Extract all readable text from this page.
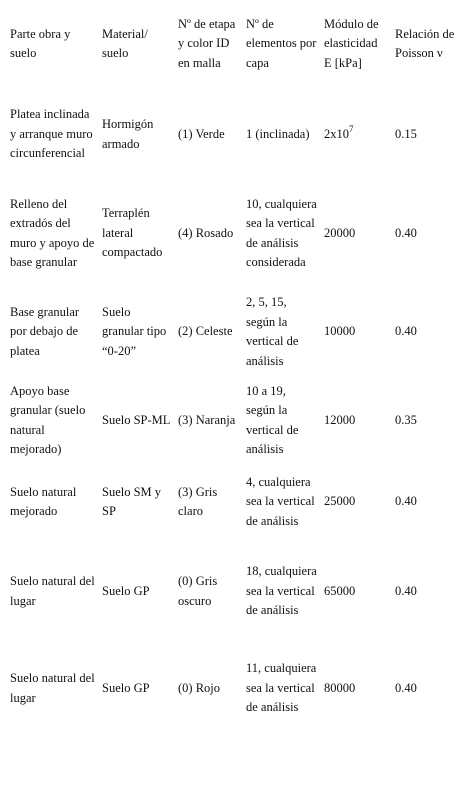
Parte obra y suelo	Material/ suelo	Nº de etapa y color ID en malla	Nº de elementos por capa	Módulo de elasticidad E [kPa]	Relación de Poisson ν
Platea inclinada y arranque muro circunferencial	Hormigón armado	(1) Verde	1 (inclinada)	$2x10^7$	0.15
Relleno del extradós del muro y apoyo de base granular	Terraplén lateral compactado	(4) Rosado	10, cualquiera sea la vertical de análisis considerada	20000	0.40
Base granular por debajo de platea	Suelo granular tipo “0-20”	(2) Celeste	2, 5, 15, según la vertical de análisis	10000	0.40
Apoyo base granular (suelo natural mejorado)	Suelo SP-ML	(3) Naranja	10 a 19, según la vertical de análisis	12000	0.35
Suelo natural mejorado	Suelo SM y SP	(3) Gris claro	4, cualquiera sea la vertical de análisis	25000	0.40
Suelo natural del lugar	Suelo GP	(0) Gris oscuro	18, cualquiera sea la vertical de análisis	65000	0.40
Suelo natural del lugar	Suelo GP	(0) Rojo	11, cualquiera sea la vertical de análisis	80000	0.40
